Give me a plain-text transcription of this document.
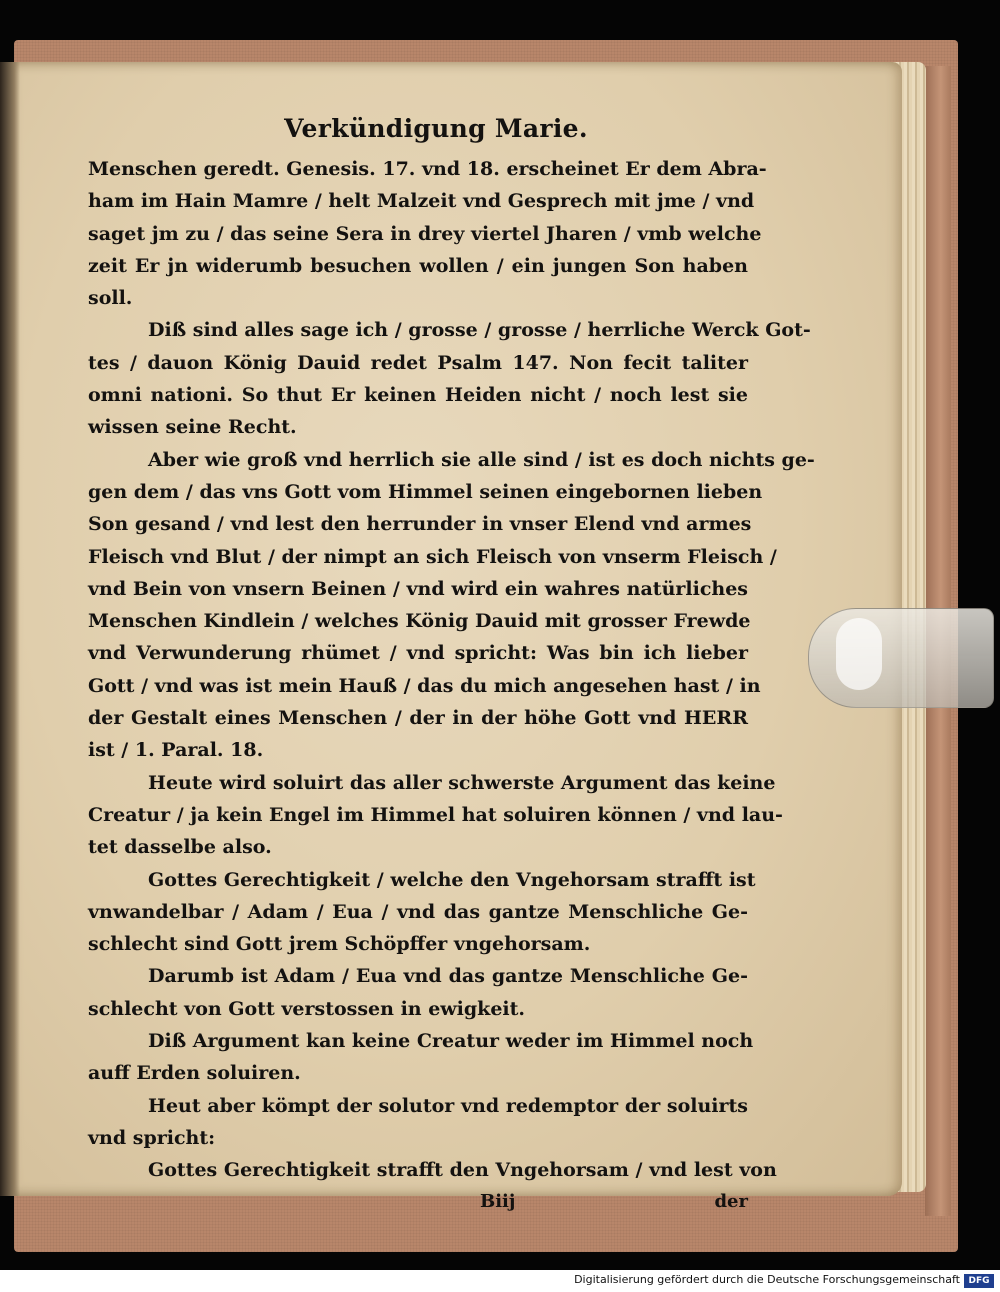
Verkündigung Marie.
Menschen geredt. Genesis. 17. vnd 18. erscheinet Er dem Abra-
ham im Hain Mamre / helt Malzeit vnd Gesprech mit jme / vnd
saget jm zu / das seine Sera in drey viertel Jharen / vmb welche
zeit Er jn widerumb besuchen wollen / ein jungen Son haben
soll.
Diß sind alles sage ich / grosse / grosse / herrliche Werck Got-
tes / dauon König Dauid redet Psalm 147. Non fecit taliter
omni nationi. So thut Er keinen Heiden nicht / noch lest sie
wissen seine Recht.
Aber wie groß vnd herrlich sie alle sind / ist es doch nichts ge-
gen dem / das vns Gott vom Himmel seinen eingebornen lieben
Son gesand / vnd lest den herrunder in vnser Elend vnd armes
Fleisch vnd Blut / der nimpt an sich Fleisch von vnserm Fleisch /
vnd Bein von vnsern Beinen / vnd wird ein wahres natürliches
Menschen Kindlein / welches König Dauid mit grosser Frewde
vnd Verwunderung rhümet / vnd spricht: Was bin ich lieber
Gott / vnd was ist mein Hauß / das du mich angesehen hast / in
der Gestalt eines Menschen / der in der höhe Gott vnd HERR
ist / 1. Paral. 18.
Heute wird soluirt das aller schwerste Argument das keine
Creatur / ja kein Engel im Himmel hat soluiren können / vnd lau-
tet dasselbe also.
Gottes Gerechtigkeit / welche den Vngehorsam strafft ist
vnwandelbar / Adam / Eua / vnd das gantze Menschliche Ge-
schlecht sind Gott jrem Schöpffer vngehorsam.
Darumb ist Adam / Eua vnd das gantze Menschliche Ge-
schlecht von Gott verstossen in ewigkeit.
Diß Argument kan keine Creatur weder im Himmel noch
auff Erden soluiren.
Heut aber kömpt der solutor vnd redemptor der soluirts
vnd spricht:
Gottes Gerechtigkeit strafft den Vngehorsam / vnd lest von
Biij	der
Digitalisierung gefördert durch die Deutsche Forschungsgemeinschaft DFG
